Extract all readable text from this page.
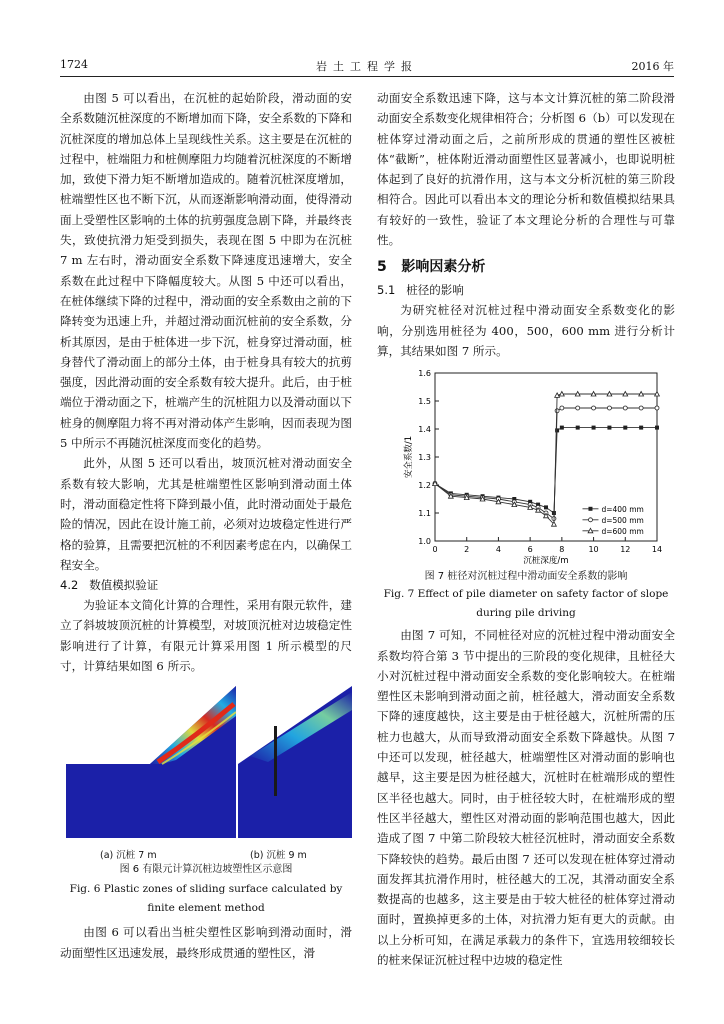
1724	岩土工程学报	2016 年

由图 5 可以看出，在沉桩的起始阶段，滑动面的安全系数随沉桩深度的不断增加而下降，安全系数的下降和沉桩深度的增加总体上呈现线性关系。这主要是在沉桩的过程中，桩端阻力和桩侧摩阻力均随着沉桩深度的不断增加，致使下滑力矩不断增加造成的。随着沉桩深度增加，桩端塑性区也不断下沉，从而逐渐影响滑动面，使得滑动面上受塑性区影响的土体的抗剪强度急剧下降，并最终丧失，致使抗滑力矩受到损失，表现在图 5 中即为在沉桩 7 m 左右时，滑动面安全系数下降速度迅速增大，安全系数在此过程中下降幅度较大。从图 5 中还可以看出，在桩体继续下降的过程中，滑动面的安全系数由之前的下降转变为迅速上升，并超过滑动面沉桩前的安全系数，分析其原因，是由于桩体进一步下沉，桩身穿过滑动面，桩身替代了滑动面上的部分土体，由于桩身具有较大的抗剪强度，因此滑动面的安全系数有较大提升。此后，由于桩端位于滑动面之下，桩端产生的沉桩阻力以及滑动面以下桩身的侧摩阻力将不再对滑动体产生影响，因而表现为图 5 中所示不再随沉桩深度而变化的趋势。

此外，从图 5 还可以看出，坡顶沉桩对滑动面安全系数有较大影响，尤其是桩端塑性区影响到滑动面土体时，滑动面稳定性将下降到最小值，此时滑动面处于最危险的情况，因此在设计施工前，必须对边坡稳定性进行严格的验算，且需要把沉桩的不利因素考虑在内，以确保工程安全。

4.2 数值模拟验证

为验证本文简化计算的合理性，采用有限元软件，建立了斜坡坡顶沉桩的计算模型，对坡顶沉桩对边坡稳定性影响进行了计算，有限元计算采用图 1 所示模型的尺寸，计算结果如图 6 所示。

(a) 沉桩 7 m	(b) 沉桩 9 m
图 6 有限元计算沉桩边坡塑性区示意图
Fig. 6 Plastic zones of sliding surface calculated by finite element method

由图 6 可以看出当桩尖塑性区影响到滑动面时，滑动面塑性区迅速发展，最终形成贯通的塑性区，滑

动面安全系数迅速下降，这与本文计算沉桩的第二阶段滑动面安全系数变化规律相符合；分析图 6（b）可以发现在桩体穿过滑动面之后，之前所形成的贯通的塑性区被桩体“截断”，桩体附近滑动面塑性区显著减小，也即说明桩体起到了良好的抗滑作用，这与本文分析沉桩的第三阶段相符合。因此可以看出本文的理论分析和数值模拟结果具有较好的一致性，验证了本文理论分析的合理性与可靠性。

5 影响因素分析
5.1 桩径的影响

为研究桩径对沉桩过程中滑动面安全系数变化的影响，分别选用桩径为 400，500，600 mm 进行分析计算，其结果如图 7 所示。

0	2	4	6	8	10	12	14
1.0
1.1
1.2
1.3
1.4
1.5
1.6
沉桩深度/m
安全系数/1
d=400 mm
d=500 mm
d=600 mm
图 7 桩径对沉桩过程中滑动面安全系数的影响
Fig. 7 Effect of pile diameter on safety factor of slope during pile driving

由图 7 可知，不同桩径对应的沉桩过程中滑动面安全系数均符合第 3 节中提出的三阶段的变化规律，且桩径大小对沉桩过程中滑动面安全系数的变化影响较大。在桩端塑性区未影响到滑动面之前，桩径越大，滑动面安全系数下降的速度越快，这主要是由于桩径越大，沉桩所需的压桩力也越大，从而导致滑动面安全系数下降越快。从图 7 中还可以发现，桩径越大，桩端塑性区对滑动面的影响也越早，这主要是因为桩径越大，沉桩时在桩端形成的塑性区半径也越大。同时，由于桩径较大时，在桩端形成的塑性区半径越大，塑性区对滑动面的影响范围也越大，因此造成了图 7 中第二阶段较大桩径沉桩时，滑动面安全系数下降较快的趋势。最后由图 7 还可以发现在桩体穿过滑动面发挥其抗滑作用时，桩径越大的工况，其滑动面安全系数提高的也越多，这主要是由于较大桩径的桩体穿过滑动面时，置换掉更多的土体，对抗滑力矩有更大的贡献。由以上分析可知，在满足承载力的条件下，宜选用较细较长的桩来保证沉桩过程中边坡的稳定性
